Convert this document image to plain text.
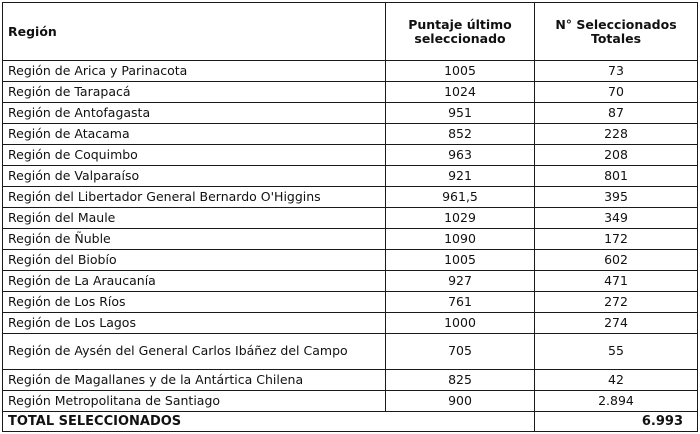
Región	Puntaje último seleccionado	N° Seleccionados Totales
Región de Arica y Parinacota	1005	73
Región de Tarapacá	1024	70
Región de Antofagasta	951	87
Región de Atacama	852	228
Región de Coquimbo	963	208
Región de Valparaíso	921	801
Región del Libertador General Bernardo O'Higgins	961,5	395
Región del Maule	1029	349
Región de Ñuble	1090	172
Región del Biobío	1005	602
Región de La Araucanía	927	471
Región de Los Ríos	761	272
Región de Los Lagos	1000	274
Región de Aysén del General Carlos Ibáñez del Campo	705	55
Región de Magallanes y de la Antártica Chilena	825	42
Región Metropolitana de Santiago	900	2.894
TOTAL SELECCIONADOS		6.993
